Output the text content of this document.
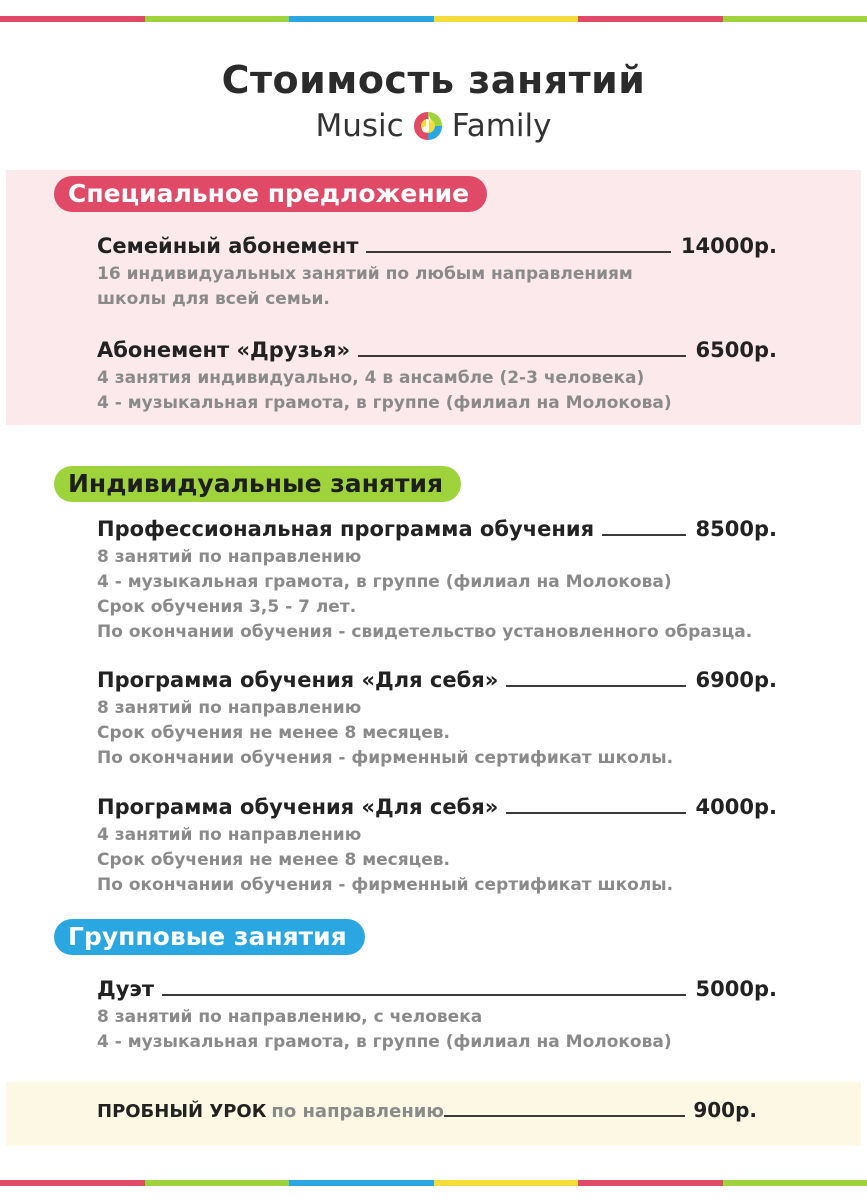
Стоимость занятий
Music Family
Специальное предложение
Семейный абонемент	14000р.
16 индивидуальных занятий по любым направлениям
школы для всей семьи.
Абонемент «Друзья»	6500р.
4 занятия индивидуально, 4 в ансамбле (2-3 человека)
4 - музыкальная грамота, в группе (филиал на Молокова)
Индивидуальные занятия
Профессиональная программа обучения	8500р.
8 занятий по направлению
4 - музыкальная грамота, в группе (филиал на Молокова)
Срок обучения 3,5 - 7 лет.
По окончании обучения - свидетельство установленного образца.
Программа обучения «Для себя»	6900р.
8 занятий по направлению
Срок обучения не менее 8 месяцев.
По окончании обучения - фирменный сертификат школы.
Программа обучения «Для себя»	4000р.
4 занятий по направлению
Срок обучения не менее 8 месяцев.
По окончании обучения - фирменный сертификат школы.
Групповые занятия
Дуэт	5000р.
8 занятий по направлению, с человека
4 - музыкальная грамота, в группе (филиал на Молокова)
ПРОБНЫЙ УРОК по направлению	900р.
